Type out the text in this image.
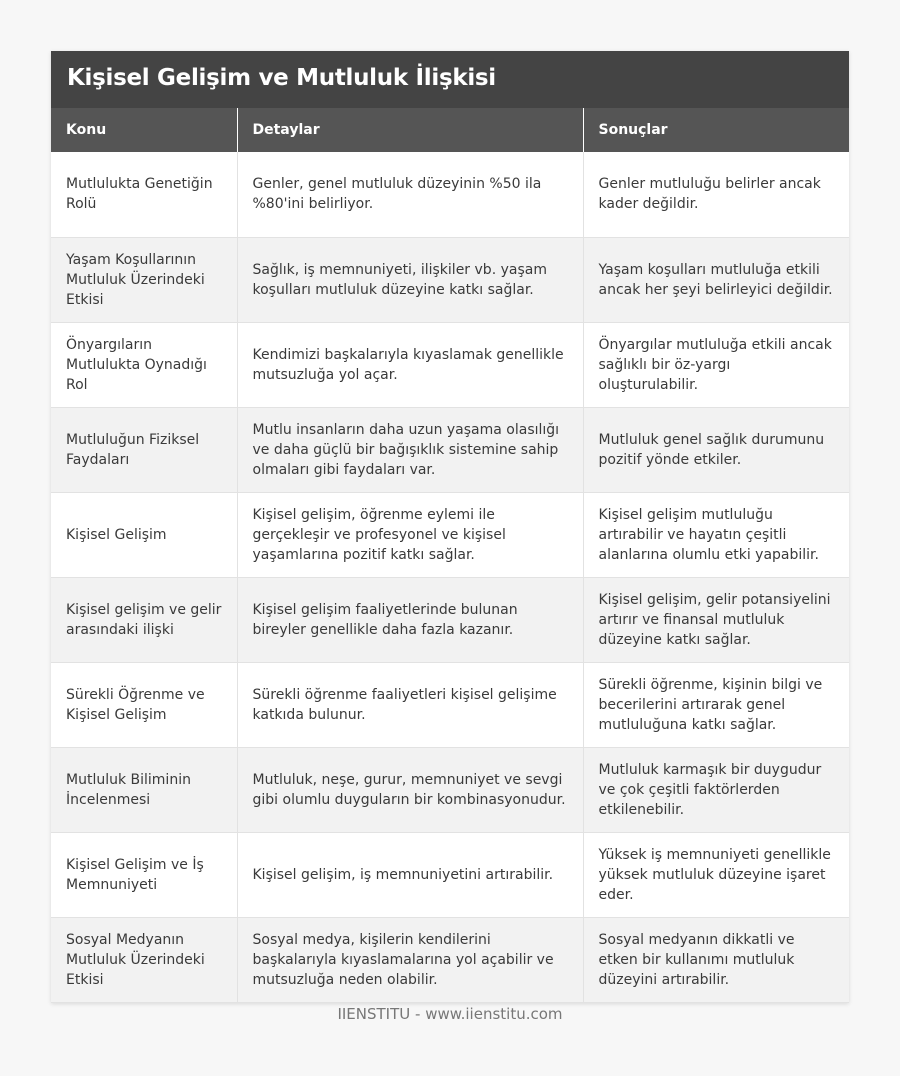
Kişisel Gelişim ve Mutluluk İlişkisi
Konu	Detaylar	Sonuçlar
Mutlulukta Genetiğin Rolü	Genler, genel mutluluk düzeyinin %50 ila %80'ini belirliyor.	Genler mutluluğu belirler ancak kader değildir.
Yaşam Koşullarının Mutluluk Üzerindeki Etkisi	Sağlık, iş memnuniyeti, ilişkiler vb. yaşam koşulları mutluluk düzeyine katkı sağlar.	Yaşam koşulları mutluluğa etkili ancak her şeyi belirleyici değildir.
Önyargıların Mutlulukta Oynadığı Rol	Kendimizi başkalarıyla kıyaslamak genellikle mutsuzluğa yol açar.	Önyargılar mutluluğa etkili ancak sağlıklı bir öz-yargı oluşturulabilir.
Mutluluğun Fiziksel Faydaları	Mutlu insanların daha uzun yaşama olasılığı ve daha güçlü bir bağışıklık sistemine sahip olmaları gibi faydaları var.	Mutluluk genel sağlık durumunu pozitif yönde etkiler.
Kişisel Gelişim	Kişisel gelişim, öğrenme eylemi ile gerçekleşir ve profesyonel ve kişisel yaşamlarına pozitif katkı sağlar.	Kişisel gelişim mutluluğu artırabilir ve hayatın çeşitli alanlarına olumlu etki yapabilir.
Kişisel gelişim ve gelir arasındaki ilişki	Kişisel gelişim faaliyetlerinde bulunan bireyler genellikle daha fazla kazanır.	Kişisel gelişim, gelir potansiyelini artırır ve finansal mutluluk düzeyine katkı sağlar.
Sürekli Öğrenme ve Kişisel Gelişim	Sürekli öğrenme faaliyetleri kişisel gelişime katkıda bulunur.	Sürekli öğrenme, kişinin bilgi ve becerilerini artırarak genel mutluluğuna katkı sağlar.
Mutluluk Biliminin İncelenmesi	Mutluluk, neşe, gurur, memnuniyet ve sevgi gibi olumlu duyguların bir kombinasyonudur.	Mutluluk karmaşık bir duygudur ve çok çeşitli faktörlerden etkilenebilir.
Kişisel Gelişim ve İş Memnuniyeti	Kişisel gelişim, iş memnuniyetini artırabilir.	Yüksek iş memnuniyeti genellikle yüksek mutluluk düzeyine işaret eder.
Sosyal Medyanın Mutluluk Üzerindeki Etkisi	Sosyal medya, kişilerin kendilerini başkalarıyla kıyaslamalarına yol açabilir ve mutsuzluğa neden olabilir.	Sosyal medyanın dikkatli ve etken bir kullanımı mutluluk düzeyini artırabilir.
IIENSTITU - www.iienstitu.com
